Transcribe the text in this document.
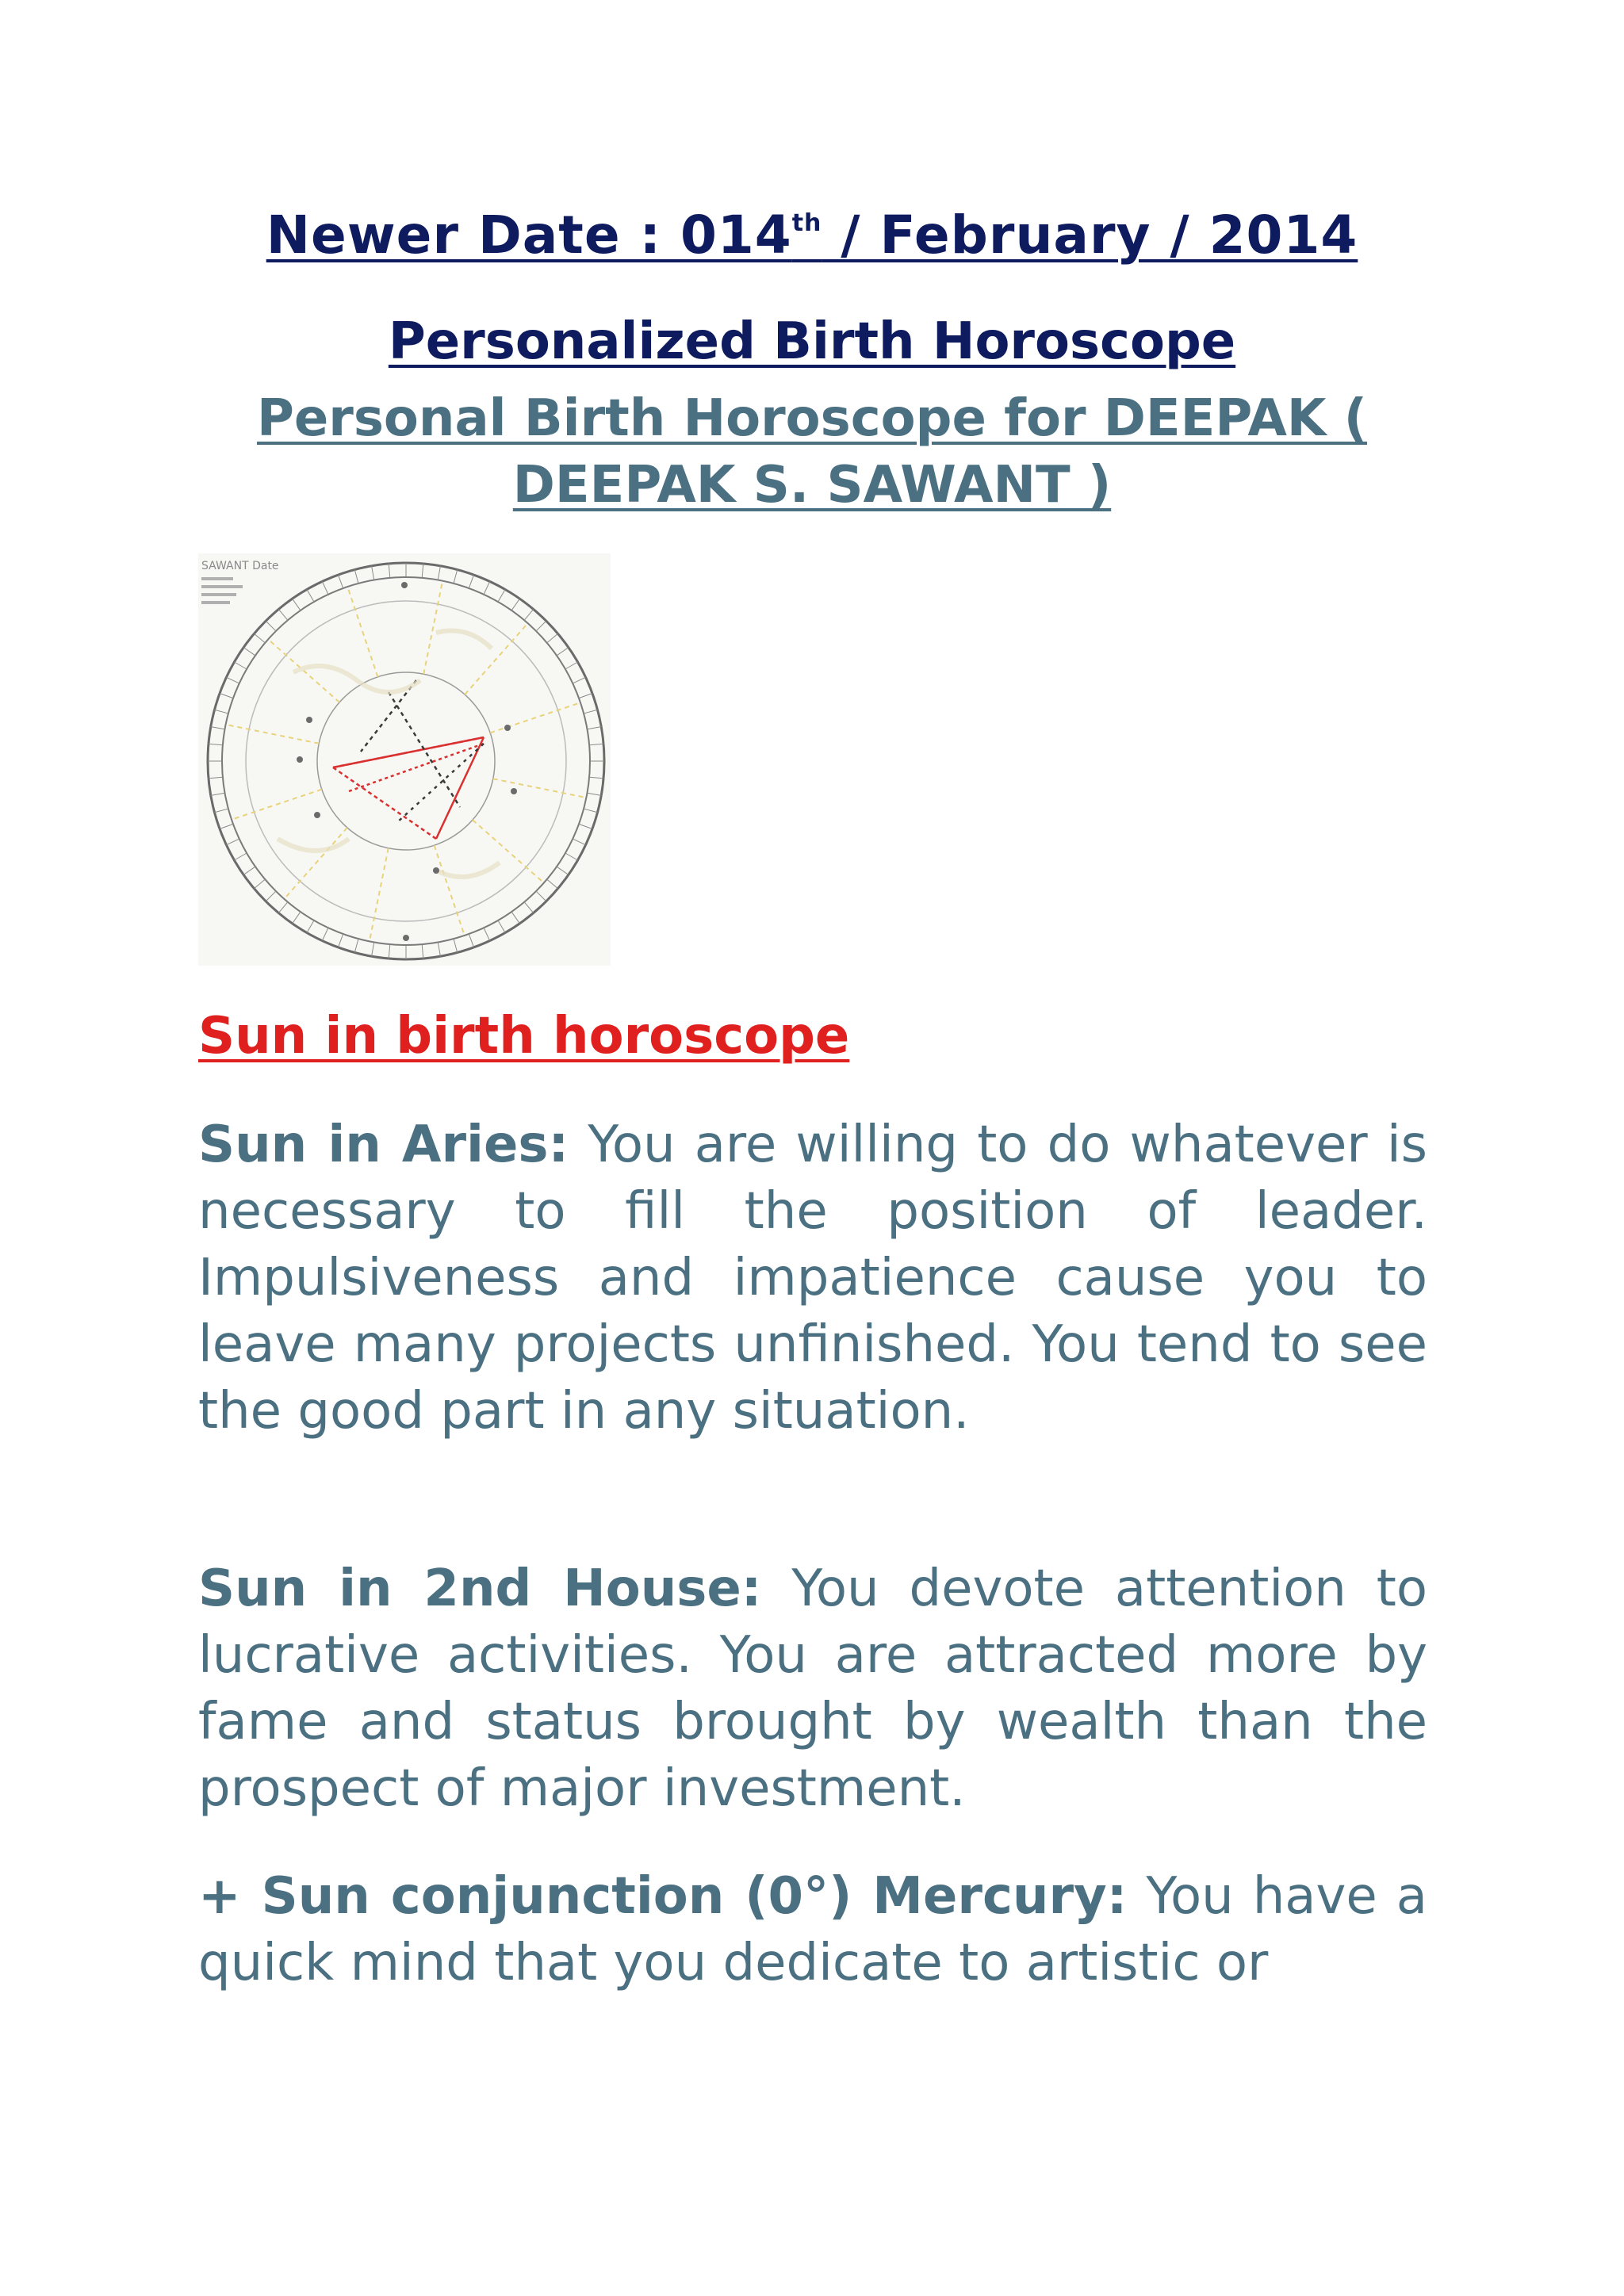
Newer Date : 014th / February / 2014
Personalized Birth Horoscope
Personal Birth Horoscope for DEEPAK ( DEEPAK S. SAWANT )
SAWANT Date
Sun in birth horoscope
Sun in Aries: You are willing to do whatever is necessary to fill the position of leader. Impulsiveness and impatience cause you to leave many projects unfinished. You tend to see the good part in any situation.
Sun in 2nd House: You devote attention to lucrative activities. You are attracted more by fame and status brought by wealth than the prospect of major investment.
+ Sun conjunction (0°) Mercury: You have a quick mind that you dedicate to artistic or
